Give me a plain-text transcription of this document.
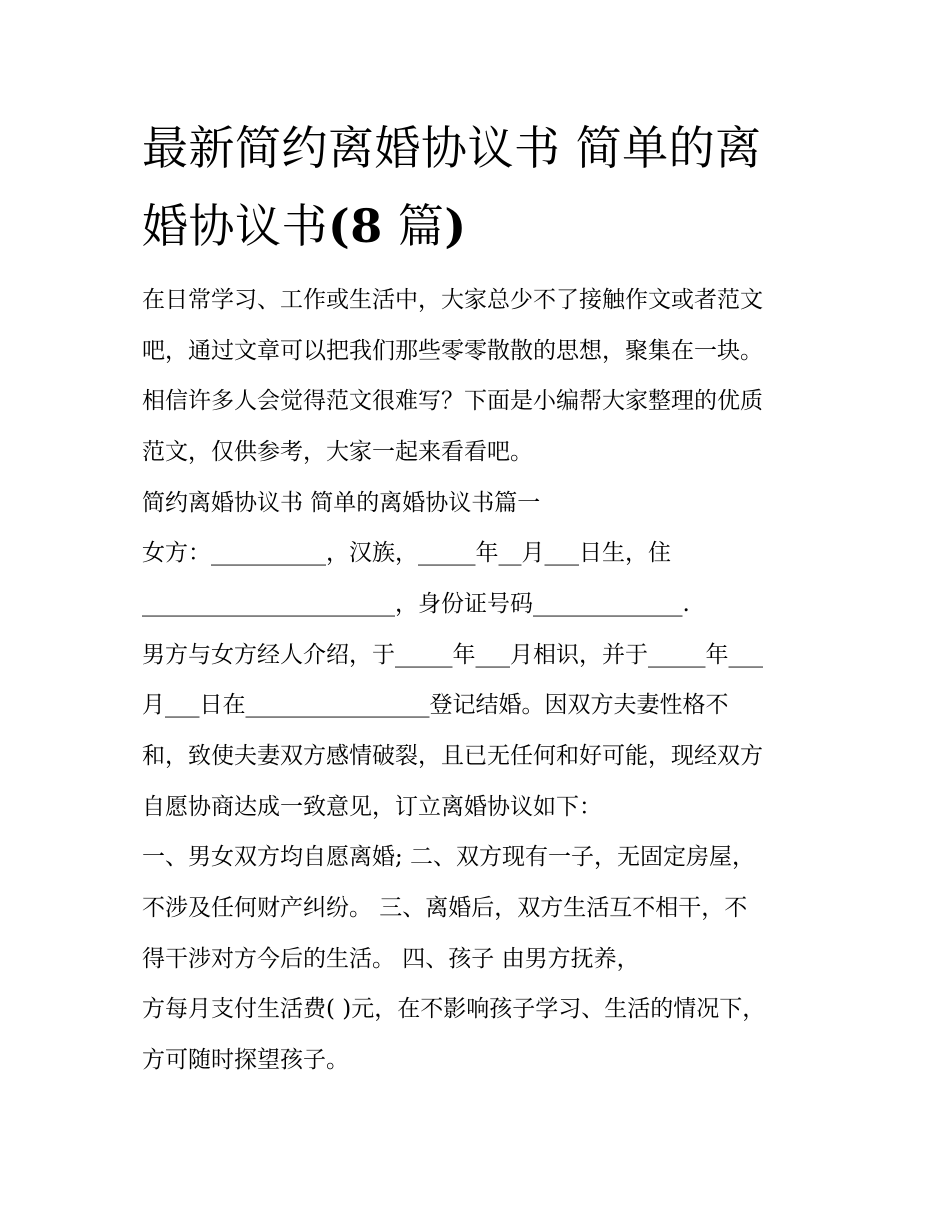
最新简约离婚协议书 简单的离
婚协议书(8 篇)
在日常学习、工作或生活中，大家总少不了接触作文或者范文
吧，通过文章可以把我们那些零零散散的思想，聚集在一块。
相信许多人会觉得范文很难写？下面是小编帮大家整理的优质
范文，仅供参考，大家一起来看看吧。
简约离婚协议书 简单的离婚协议书篇一
女方：__________，汉族，_____年__月___日生，住
______________________，身份证号码_____________.
男方与女方经人介绍，于_____年___月相识，并于_____年___
月___日在________________登记结婚。因双方夫妻性格不
和，致使夫妻双方感情破裂，且已无任何和好可能，现经双方
自愿协商达成一致意见，订立离婚协议如下：
一、男女双方均自愿离婚; 二、双方现有一子，无固定房屋，
不涉及任何财产纠纷。 三、离婚后，双方生活互不相干，不
得干涉对方今后的生活。 四、孩子 由男方抚养，
方每月支付生活费( )元，在不影响孩子学习、生活的情况下，
方可随时探望孩子。
